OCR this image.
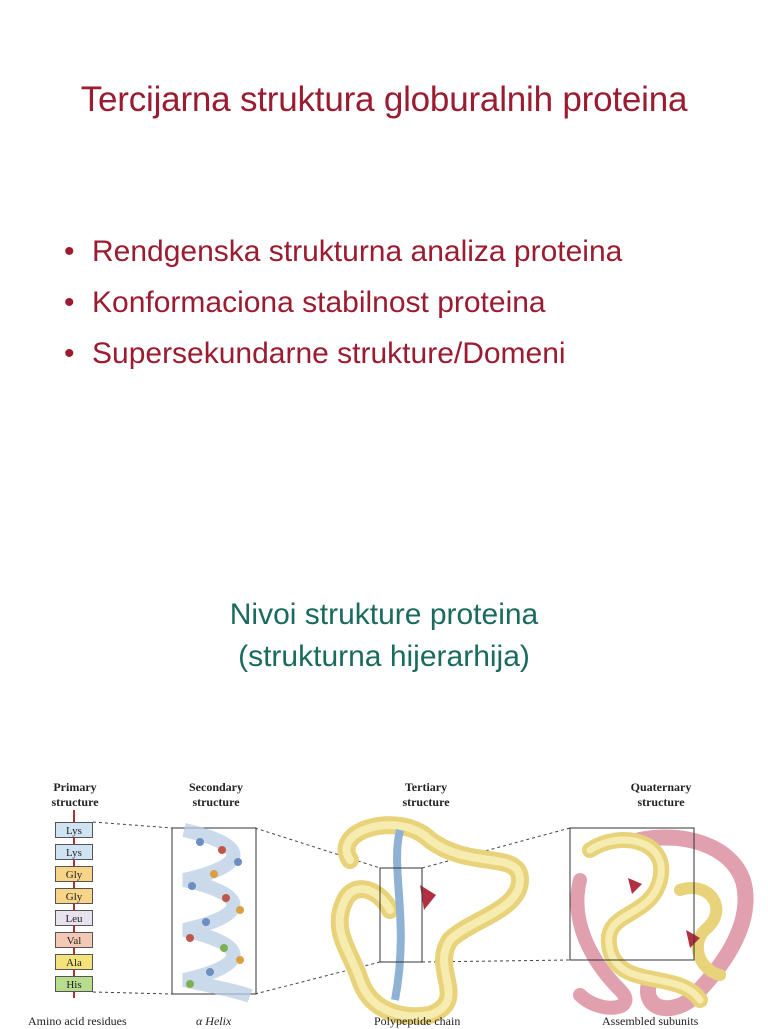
Tercijarna struktura globuralnih proteina
• Rendgenska strukturna analiza proteina
• Konformaciona stabilnost proteina
• Supersekundarne strukture/Domeni
Nivoi strukture proteina
(strukturna hijerarhija)
Primary
structure
Secondary
structure
Tertiary
structure
Quaternary
structure
Lys
Lys
Gly
Gly
Leu
Val
Ala
His
Amino acid residues	α Helix	Polypeptide chain	Assembled subunits
